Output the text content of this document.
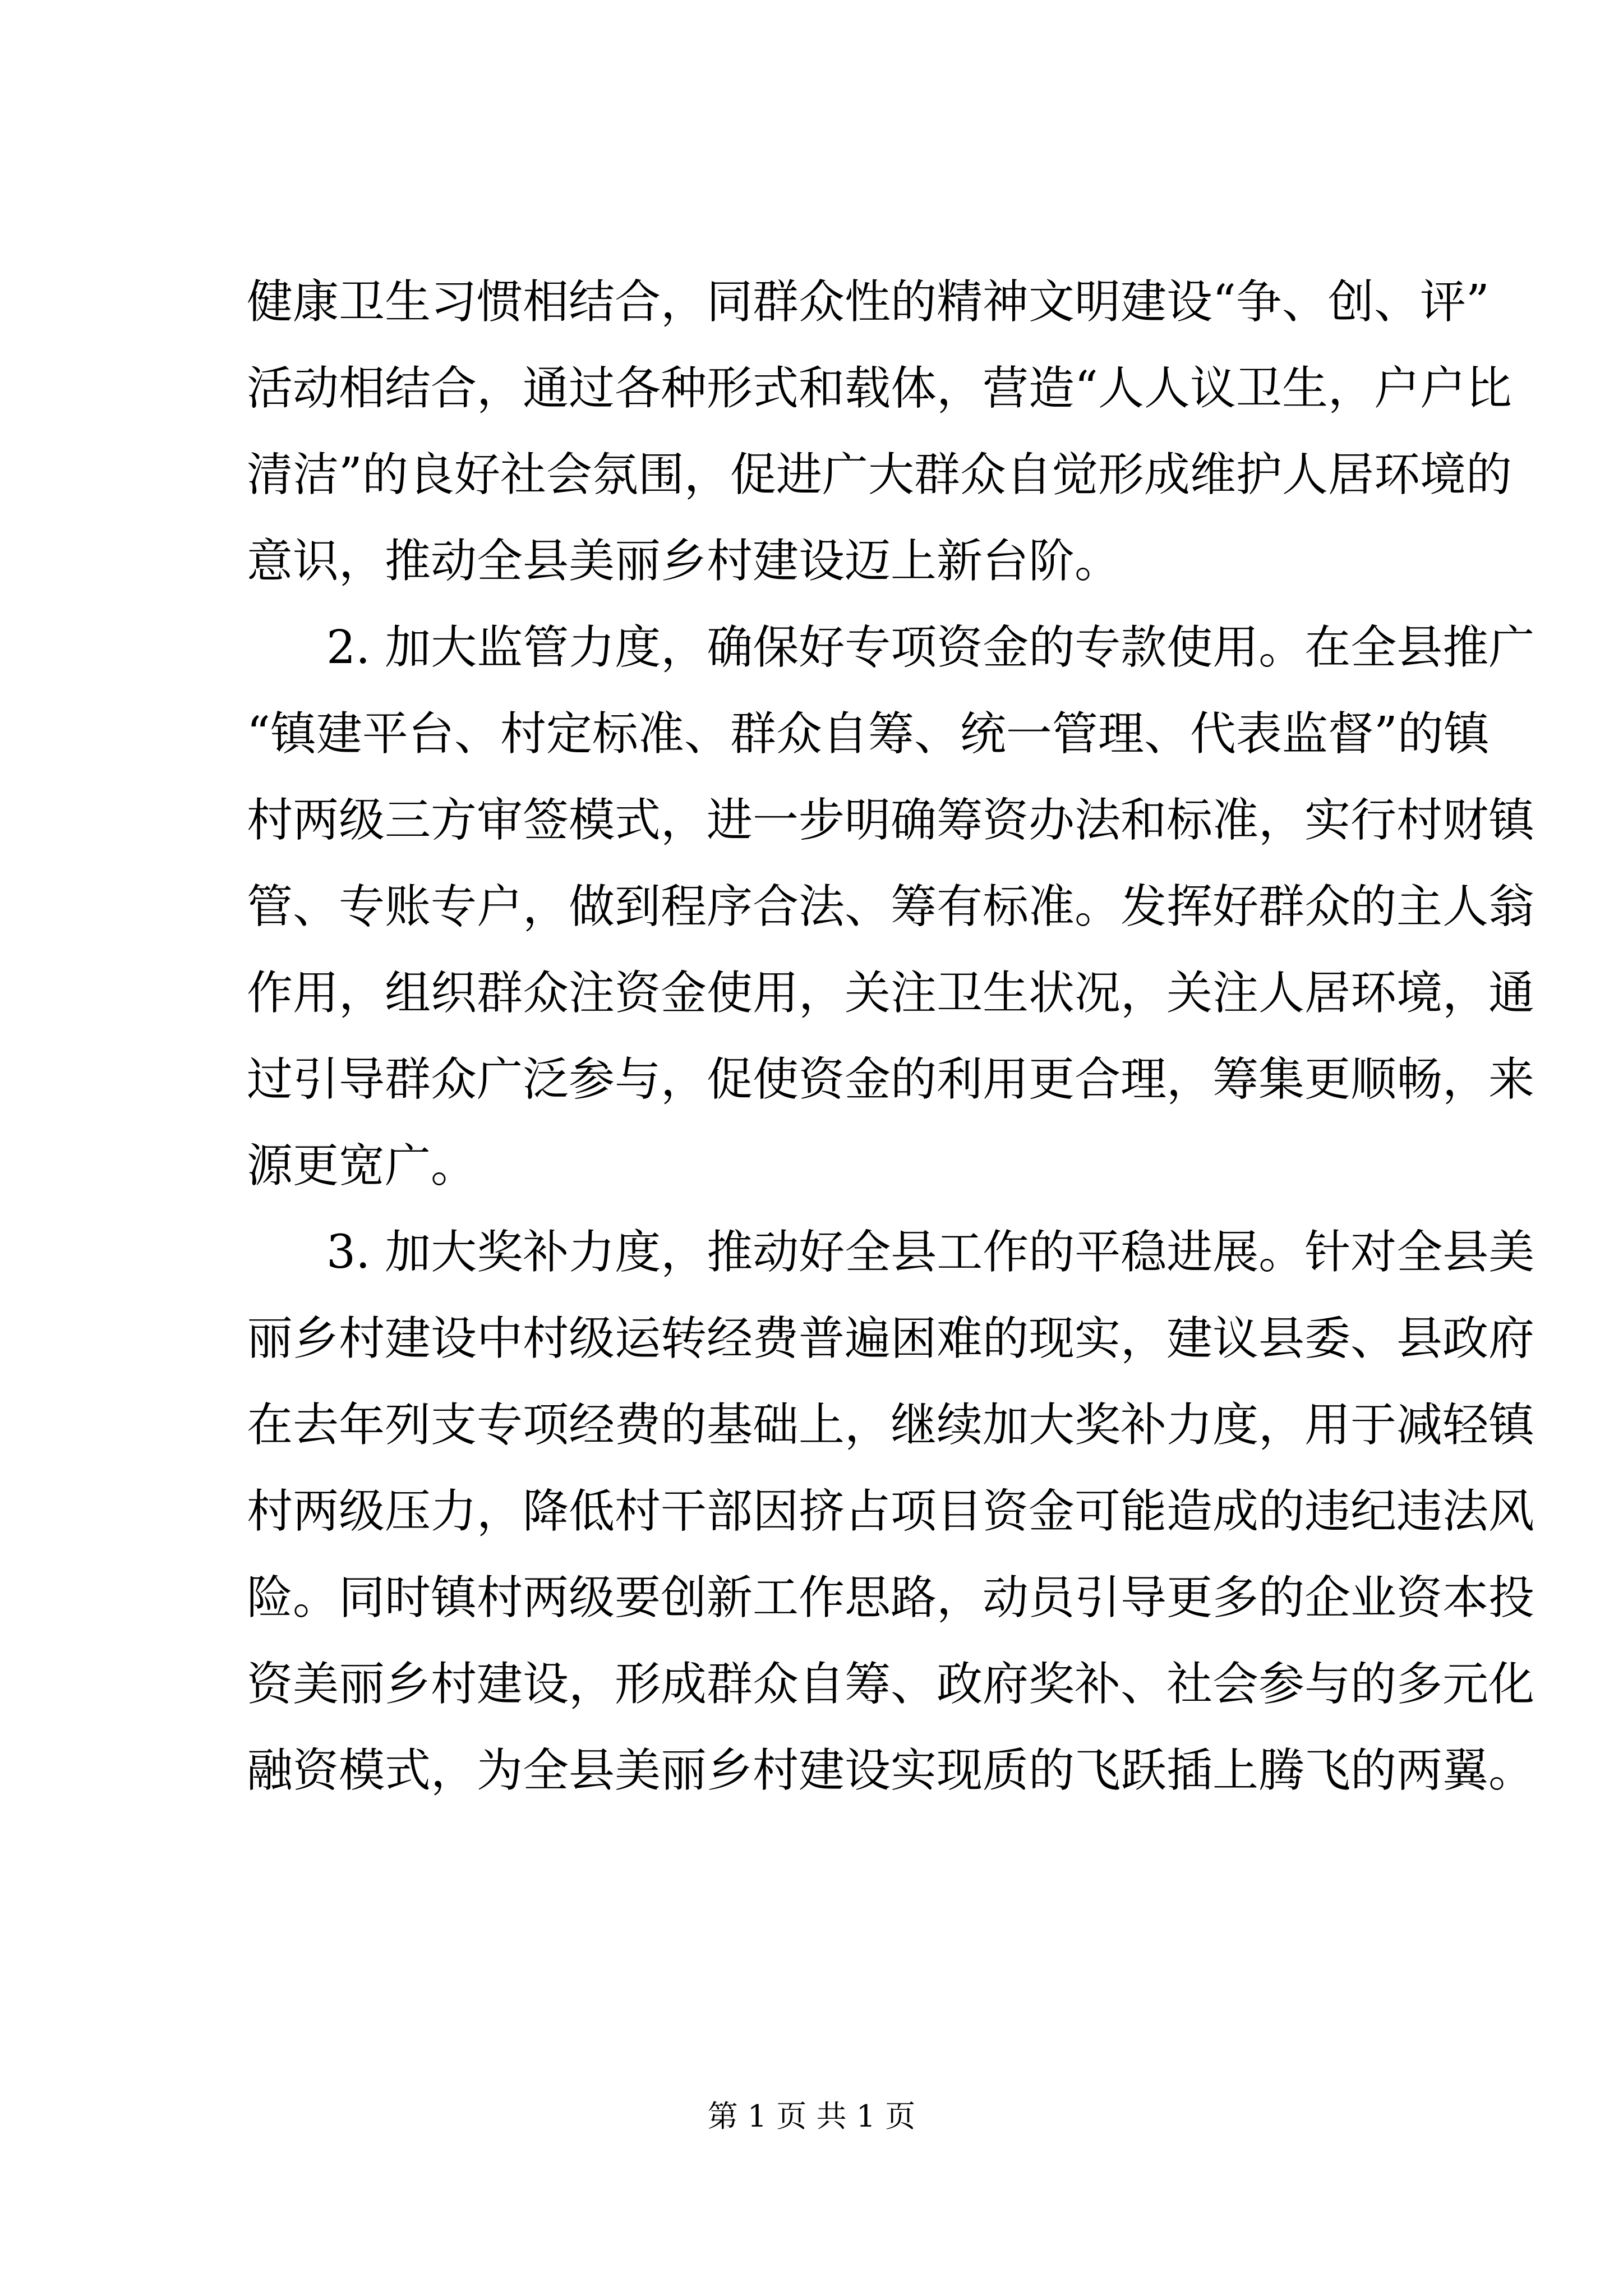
健康卫生习惯相结合，同群众性的精神文明建设“争、创、评”
活动相结合，通过各种形式和载体，营造“人人议卫生，户户比
清洁”的良好社会氛围，促进广大群众自觉形成维护人居环境的
意识，推动全县美丽乡村建设迈上新台阶。
2. 加大监管力度，确保好专项资金的专款使用。在全县推广
“镇建平台、村定标准、群众自筹、统一管理、代表监督”的镇
村两级三方审签模式，进一步明确筹资办法和标准，实行村财镇
管、专账专户，做到程序合法、筹有标准。发挥好群众的主人翁
作用，组织群众注资金使用，关注卫生状况，关注人居环境，通
过引导群众广泛参与，促使资金的利用更合理，筹集更顺畅，来
源更宽广。
3. 加大奖补力度，推动好全县工作的平稳进展。针对全县美
丽乡村建设中村级运转经费普遍困难的现实，建议县委、县政府
在去年列支专项经费的基础上，继续加大奖补力度，用于减轻镇
村两级压力，降低村干部因挤占项目资金可能造成的违纪违法风
险。同时镇村两级要创新工作思路，动员引导更多的企业资本投
资美丽乡村建设，形成群众自筹、政府奖补、社会参与的多元化
融资模式，为全县美丽乡村建设实现质的飞跃插上腾飞的两翼。
第 1 页 共 1 页
